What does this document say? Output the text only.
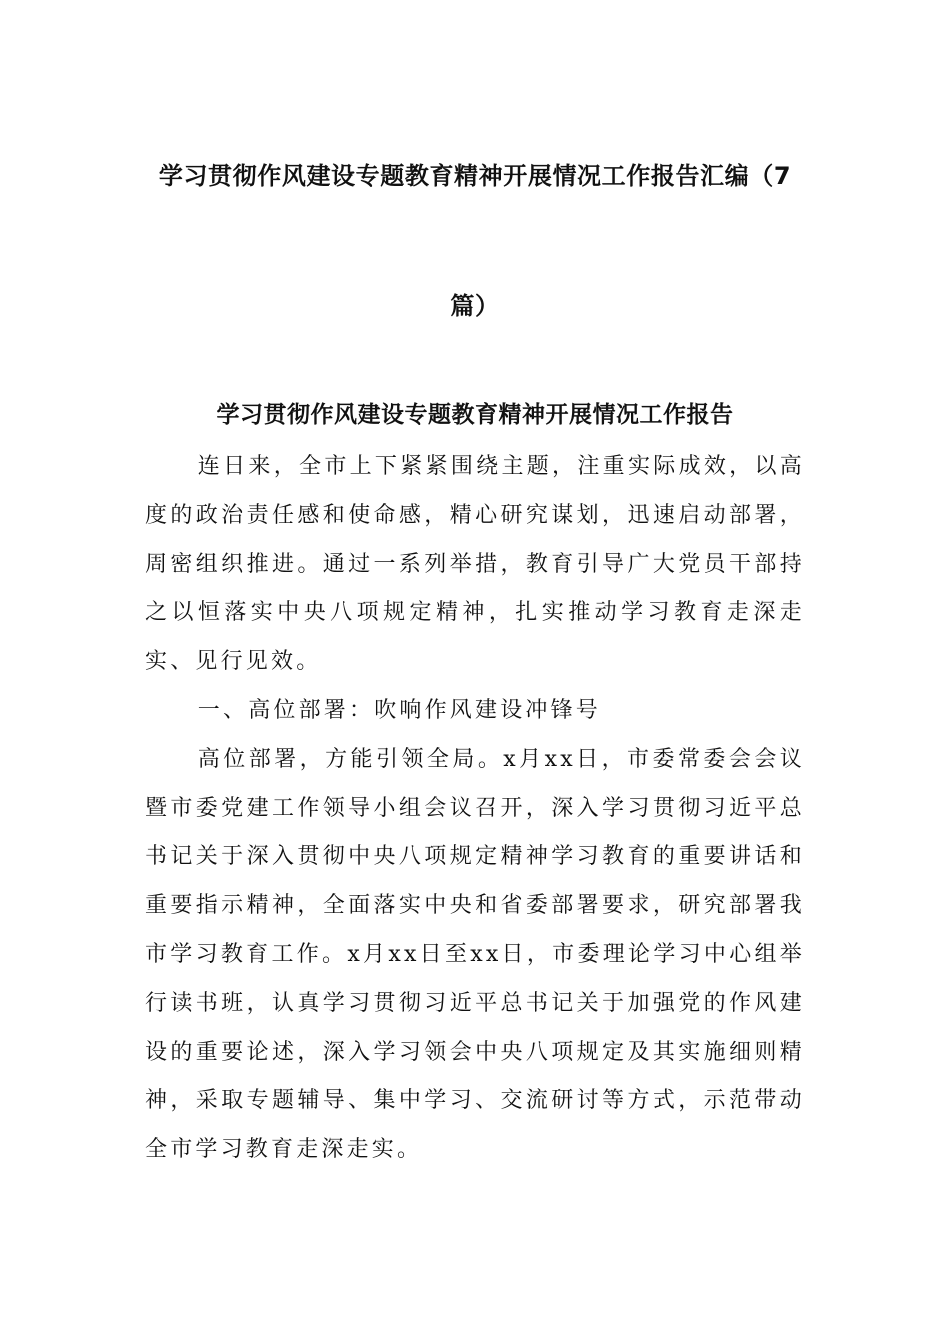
学习贯彻作风建设专题教育精神开展情况工作报告汇编（7
篇）
学习贯彻作风建设专题教育精神开展情况工作报告

连日来，全市上下紧紧围绕主题，注重实际成效，以高度的政治责任感和使命感，精心研究谋划，迅速启动部署，周密组织推进。通过一系列举措，教育引导广大党员干部持之以恒落实中央八项规定精神，扎实推动学习教育走深走实、见行见效。

一、高位部署：吹响作风建设冲锋号

高位部署，方能引领全局。x月xx日，市委常委会会议暨市委党建工作领导小组会议召开，深入学习贯彻习近平总书记关于深入贯彻中央八项规定精神学习教育的重要讲话和重要指示精神，全面落实中央和省委部署要求，研究部署我市学习教育工作。x月xx日至xx日，市委理论学习中心组举行读书班，认真学习贯彻习近平总书记关于加强党的作风建设的重要论述，深入学习领会中央八项规定及其实施细则精神，采取专题辅导、集中学习、交流研讨等方式，示范带动全市学习教育走深走实。
